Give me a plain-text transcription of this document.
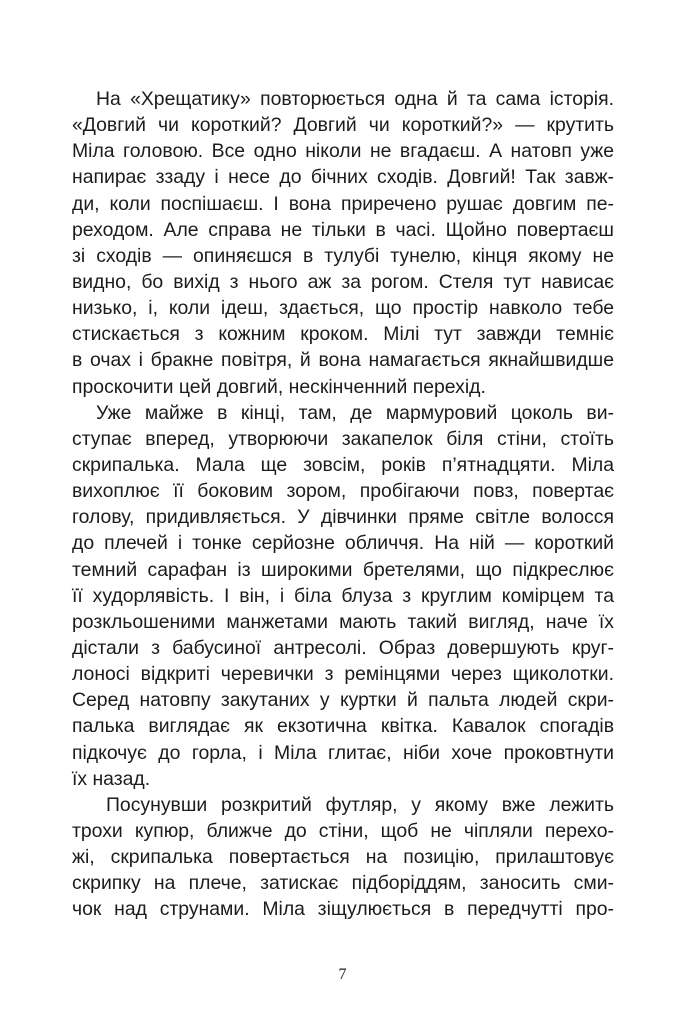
На «Хрещатику» повторюється одна й та сама історія.
«Довгий чи короткий? Довгий чи короткий?» — крутить
Міла головою. Все одно ніколи не вгадаєш. А натовп уже
напирає ззаду і несе до бічних сходів. Довгий! Так завж-
ди, коли поспішаєш. І вона приречено рушає довгим пе-
реходом. Але справа не тільки в часі. Щойно повертаєш
зі сходів — опиняєшся в тулубі тунелю, кінця якому не
видно, бо вихід з нього аж за рогом. Стеля тут нависає
низько, і, коли ідеш, здається, що простір навколо тебе
стискається з кожним кроком. Мілі тут завжди темніє
в очах і бракне повітря, й вона намагається якнайшвидше
проскочити цей довгий, нескінченний перехід.
Уже майже в кінці, там, де мармуровий цоколь ви-
ступає вперед, утворюючи закапелок біля стіни, стоїть
скрипалька. Мала ще зовсім, років п’ятнадцяти. Міла
вихоплює її боковим зором, пробігаючи повз, повертає
голову, придивляється. У дівчинки пряме світле волосся
до плечей і тонке серйозне обличчя. На ній — короткий
темний сарафан із широкими бретелями, що підкреслює
її худорлявість. І він, і біла блуза з круглим комірцем та
розкльошеними манжетами мають такий вигляд, наче їх
дістали з бабусиної антресолі. Образ довершують круг-
лоносі відкриті черевички з ремінцями через щиколотки.
Серед натовпу закутаних у куртки й пальта людей скри-
палька виглядає як екзотична квітка. Кавалок спогадів
підкочує до горла, і Міла глитає, ніби хоче проковтнути
їх назад.
Посунувши розкритий футляр, у якому вже лежить
трохи купюр, ближче до стіни, щоб не чіпляли перехо-
жі, скрипалька повертається на позицію, прилаштовує
скрипку на плече, затискає підборіддям, заносить сми-
чок над струнами. Міла зіщулюється в передчутті про-
7
